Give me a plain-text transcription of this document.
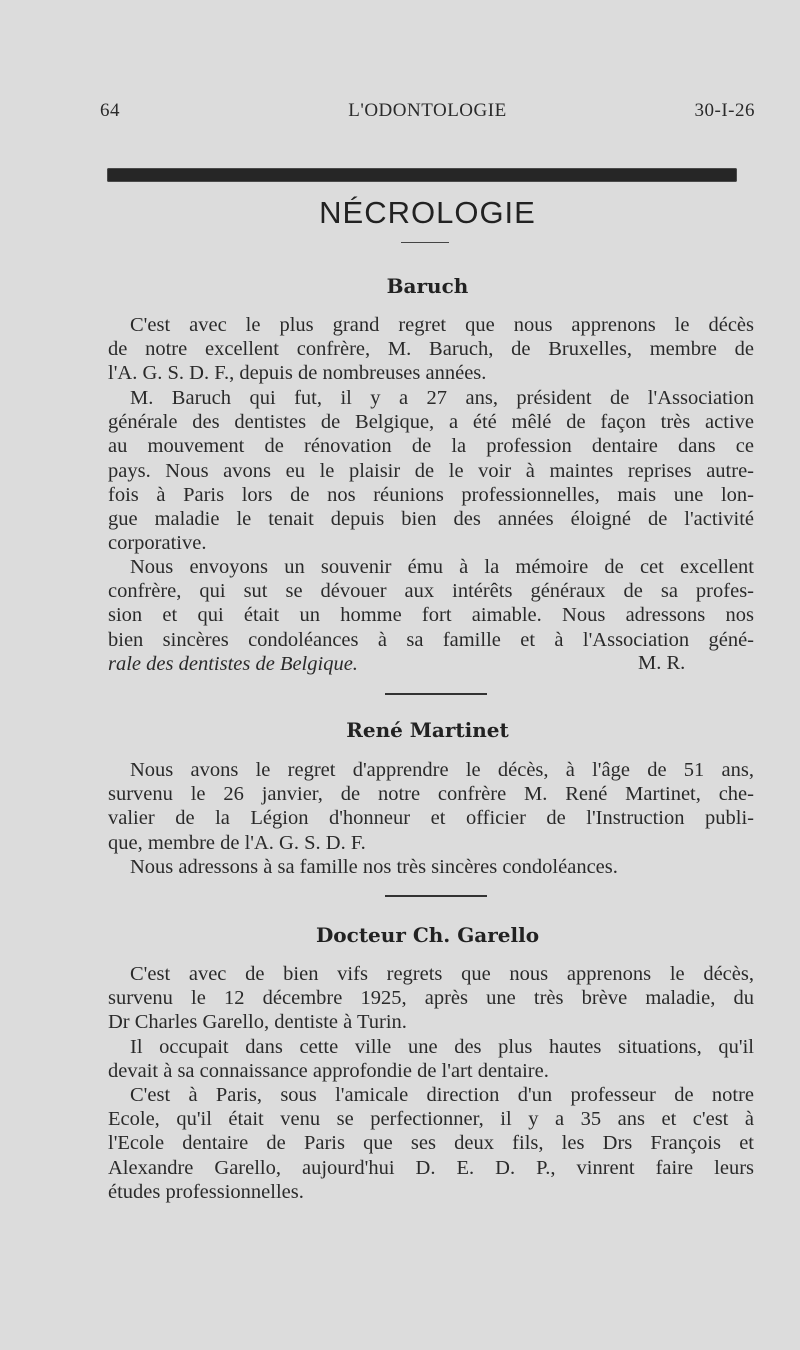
64	L'ODONTOLOGIE	30-I-26
NÉCROLOGIE
Baruch
C'est avec le plus grand regret que nous apprenons le décès
de notre excellent confrère, M. Baruch, de Bruxelles, membre de
l'A. G. S. D. F., depuis de nombreuses années.
M. Baruch qui fut, il y a 27 ans, président de l'Association
générale des dentistes de Belgique, a été mêlé de façon très active
au mouvement de rénovation de la profession dentaire dans ce
pays. Nous avons eu le plaisir de le voir à maintes reprises autre-
fois à Paris lors de nos réunions professionnelles, mais une lon-
gue maladie le tenait depuis bien des années éloigné de l'activité
corporative.
Nous envoyons un souvenir ému à la mémoire de cet excellent
confrère, qui sut se dévouer aux intérêts généraux de sa profes-
sion et qui était un homme fort aimable. Nous adressons nos
bien sincères condoléances à sa famille et à l'Association géné-
rale des dentistes de Belgique.	M. R.
René Martinet
Nous avons le regret d'apprendre le décès, à l'âge de 51 ans,
survenu le 26 janvier, de notre confrère M. René Martinet, che-
valier de la Légion d'honneur et officier de l'Instruction publi-
que, membre de l'A. G. S. D. F.
Nous adressons à sa famille nos très sincères condoléances.
Docteur Ch. Garello
C'est avec de bien vifs regrets que nous apprenons le décès,
survenu le 12 décembre 1925, après une très brève maladie, du
Dr Charles Garello, dentiste à Turin.
Il occupait dans cette ville une des plus hautes situations, qu'il
devait à sa connaissance approfondie de l'art dentaire.
C'est à Paris, sous l'amicale direction d'un professeur de notre
Ecole, qu'il était venu se perfectionner, il y a 35 ans et c'est à
l'Ecole dentaire de Paris que ses deux fils, les Drs François et
Alexandre Garello, aujourd'hui D. E. D. P., vinrent faire leurs
études professionnelles.
